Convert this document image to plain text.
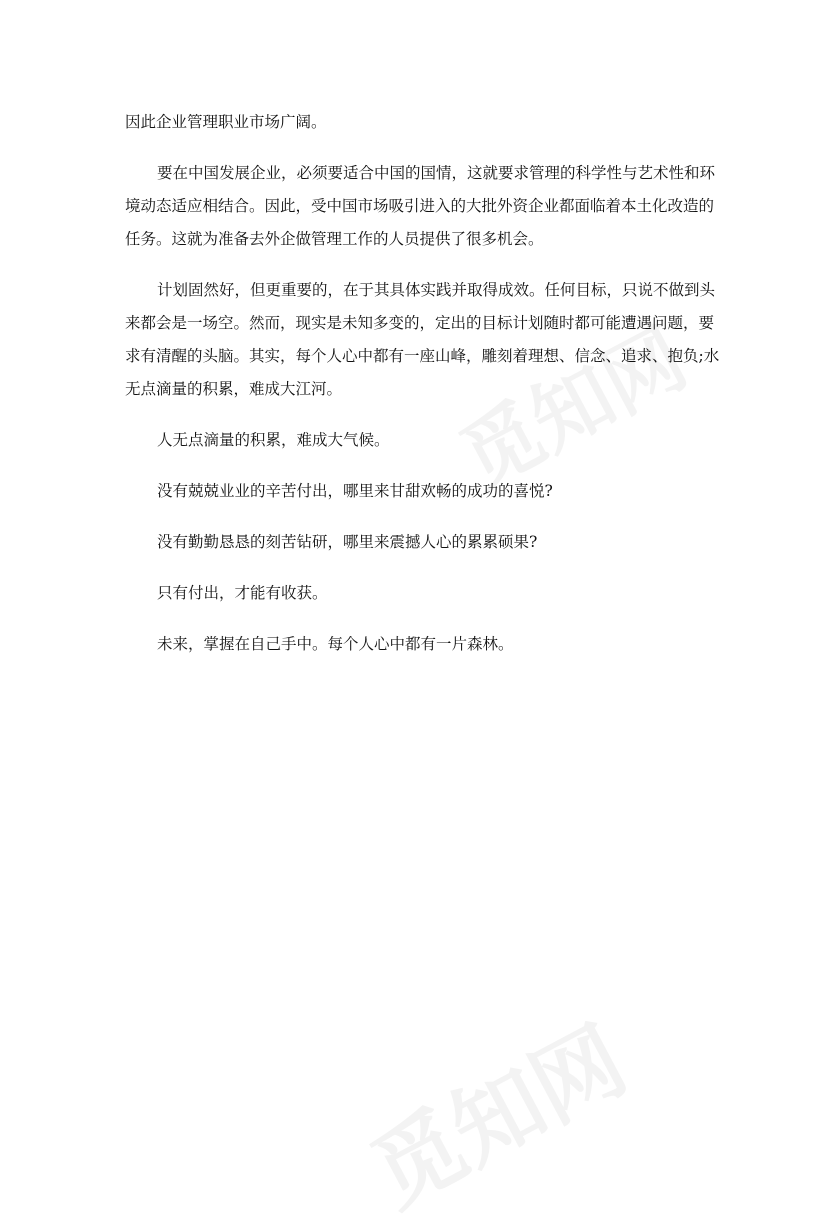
因此企业管理职业市场广阔。

要在中国发展企业，必须要适合中国的国情，这就要求管理的科学性与艺术性和环境动态适应相结合。因此，受中国市场吸引进入的大批外资企业都面临着本土化改造的任务。这就为准备去外企做管理工作的人员提供了很多机会。

计划固然好，但更重要的，在于其具体实践并取得成效。任何目标，只说不做到头来都会是一场空。然而，现实是未知多变的，定出的目标计划随时都可能遭遇问题，要求有清醒的头脑。其实，每个人心中都有一座山峰，雕刻着理想、信念、追求、抱负;水无点滴量的积累，难成大江河。

人无点滴量的积累，难成大气候。

没有兢兢业业的辛苦付出，哪里来甘甜欢畅的成功的喜悦?

没有勤勤恳恳的刻苦钻研，哪里来震撼人心的累累硕果?

只有付出，才能有收获。

未来，掌握在自己手中。每个人心中都有一片森林。
